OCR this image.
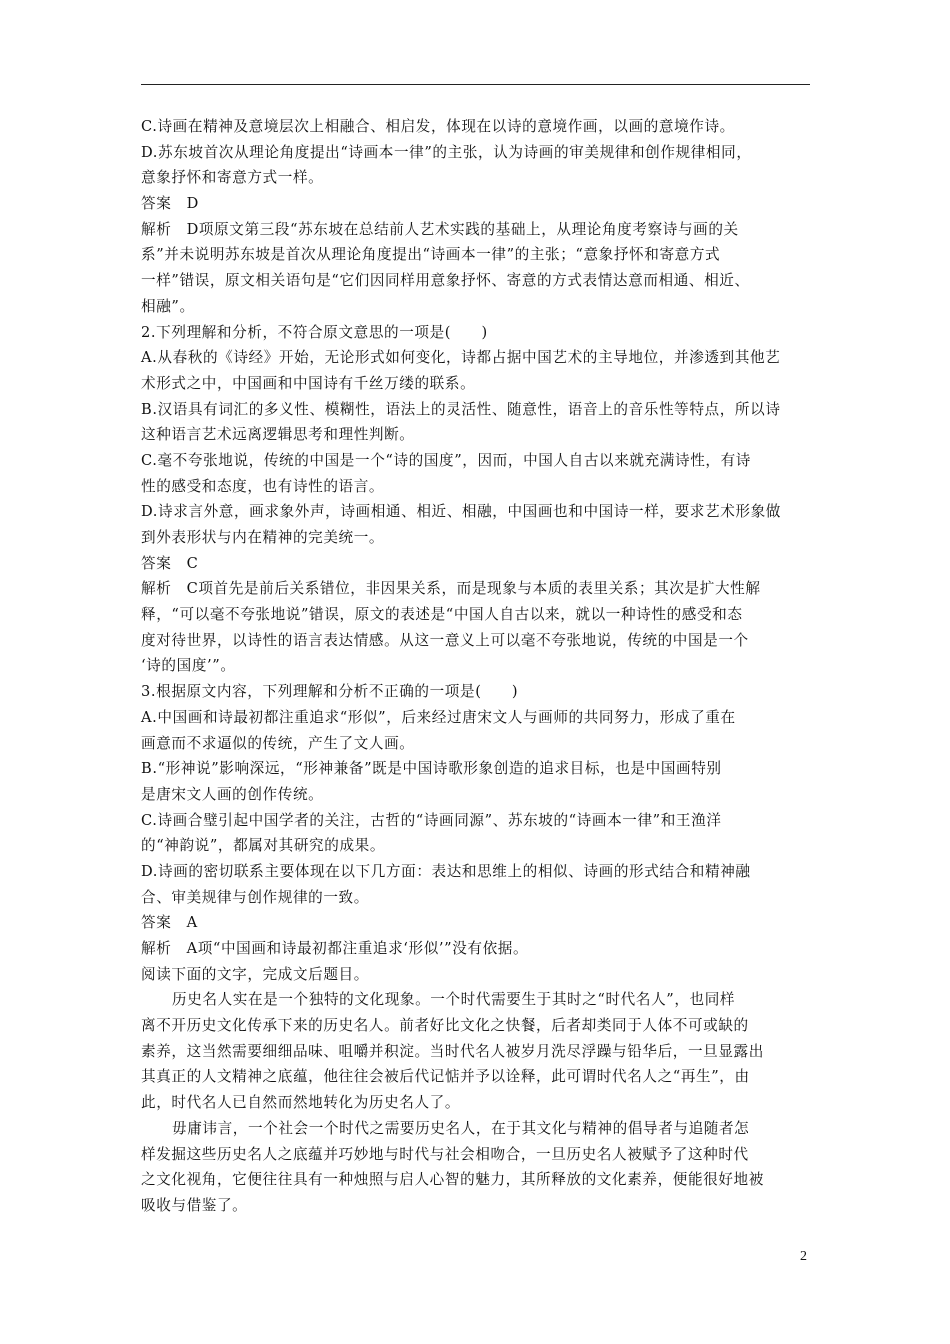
C.诗画在精神及意境层次上相融合、相启发，体现在以诗的意境作画，以画的意境作诗。
D.苏东坡首次从理论角度提出“诗画本一律”的主张，认为诗画的审美规律和创作规律相同，
意象抒怀和寄意方式一样。
答案　D
解析　D项原文第三段“苏东坡在总结前人艺术实践的基础上，从理论角度考察诗与画的关
系”并未说明苏东坡是首次从理论角度提出“诗画本一律”的主张；“意象抒怀和寄意方式
一样”错误，原文相关语句是“它们因同样用意象抒怀、寄意的方式表情达意而相通、相近、
相融”。
2.下列理解和分析，不符合原文意思的一项是(　　)
A.从春秋的《诗经》开始，无论形式如何变化，诗都占据中国艺术的主导地位，并渗透到其他艺
术形式之中，中国画和中国诗有千丝万缕的联系。
B.汉语具有词汇的多义性、模糊性，语法上的灵活性、随意性，语音上的音乐性等特点，所以诗
这种语言艺术远离逻辑思考和理性判断。
C.毫不夸张地说，传统的中国是一个“诗的国度”，因而，中国人自古以来就充满诗性，有诗
性的感受和态度，也有诗性的语言。
D.诗求言外意，画求象外声，诗画相通、相近、相融，中国画也和中国诗一样，要求艺术形象做
到外表形状与内在精神的完美统一。
答案　C
解析　C项首先是前后关系错位，非因果关系，而是现象与本质的表里关系；其次是扩大性解
释，“可以毫不夸张地说”错误，原文的表述是“中国人自古以来，就以一种诗性的感受和态
度对待世界，以诗性的语言表达情感。从这一意义上可以毫不夸张地说，传统的中国是一个
‘诗的国度’”。
3.根据原文内容，下列理解和分析不正确的一项是(　　)
A.中国画和诗最初都注重追求“形似”，后来经过唐宋文人与画师的共同努力，形成了重在
画意而不求逼似的传统，产生了文人画。
B.“形神说”影响深远，“形神兼备”既是中国诗歌形象创造的追求目标，也是中国画特别
是唐宋文人画的创作传统。
C.诗画合璧引起中国学者的关注，古哲的“诗画同源”、苏东坡的“诗画本一律”和王渔洋
的“神韵说”，都属对其研究的成果。
D.诗画的密切联系主要体现在以下几方面：表达和思维上的相似、诗画的形式结合和精神融
合、审美规律与创作规律的一致。
答案　A
解析　A项“中国画和诗最初都注重追求‘形似’”没有依据。
阅读下面的文字，完成文后题目。
历史名人实在是一个独特的文化现象。一个时代需要生于其时之“时代名人”，也同样
离不开历史文化传承下来的历史名人。前者好比文化之快餐，后者却类同于人体不可或缺的
素养，这当然需要细细品味、咀嚼并积淀。当时代名人被岁月洗尽浮躁与铅华后，一旦显露出
其真正的人文精神之底蕴，他往往会被后代记惦并予以诠释，此可谓时代名人之“再生”，由
此，时代名人已自然而然地转化为历史名人了。
毋庸讳言，一个社会一个时代之需要历史名人，在于其文化与精神的倡导者与追随者怎
样发掘这些历史名人之底蕴并巧妙地与时代与社会相吻合，一旦历史名人被赋予了这种时代
之文化视角，它便往往具有一种烛照与启人心智的魅力，其所释放的文化素养，便能很好地被
吸收与借鉴了。
2
